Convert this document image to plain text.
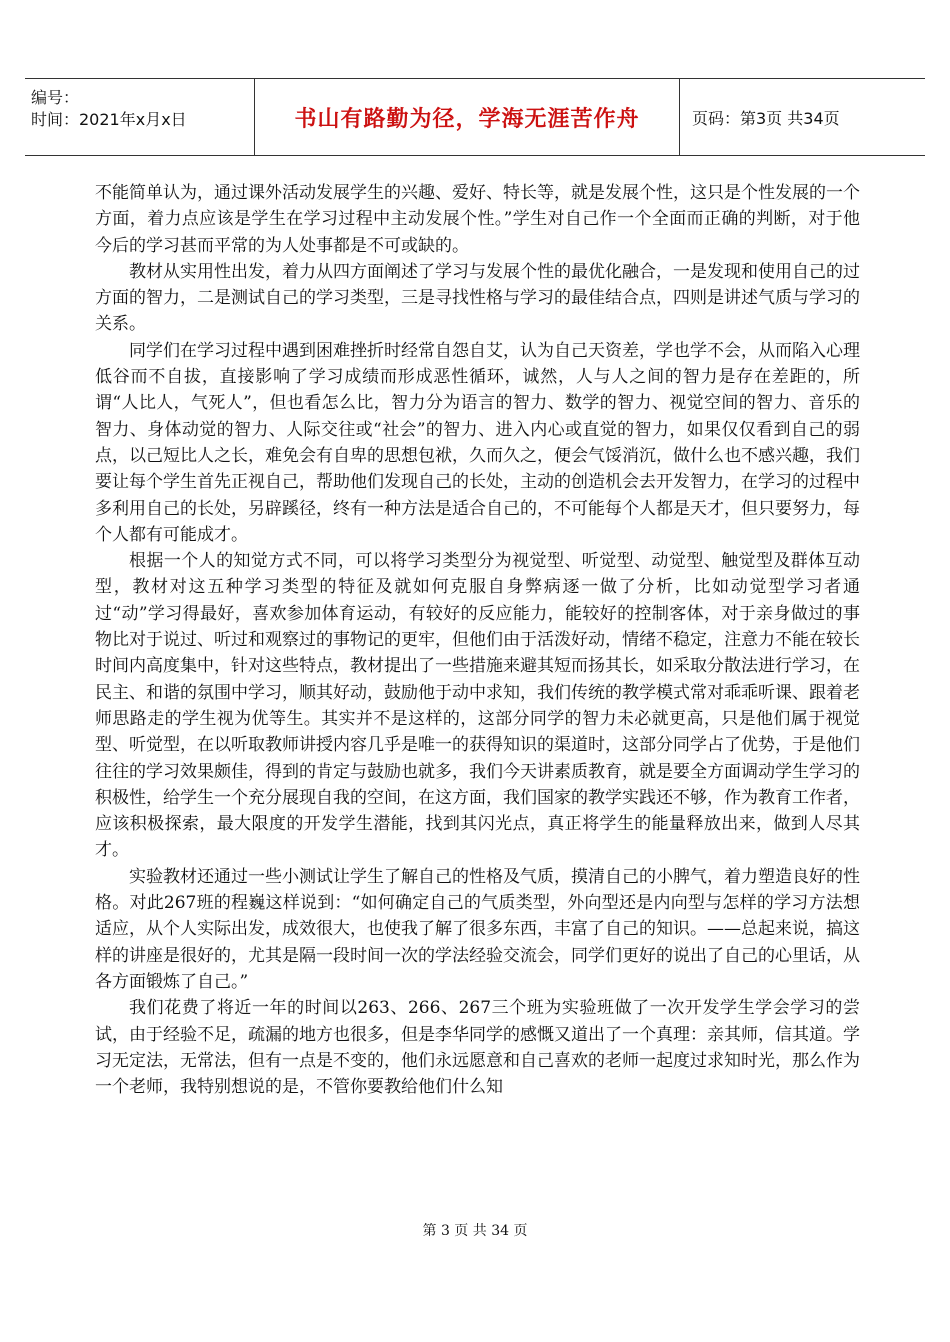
编号：
时间：2021年x月x日	书山有路勤为径，学海无涯苦作舟	页码：第3页 共34页

不能简单认为，通过课外活动发展学生的兴趣、爱好、特长等，就是发展个性，这只是个性发展的一个方面，着力点应该是学生在学习过程中主动发展个性。”学生对自己作一个全面而正确的判断，对于他今后的学习甚而平常的为人处事都是不可或缺的。

教材从实用性出发，着力从四方面阐述了学习与发展个性的最优化融合，一是发现和使用自己的过方面的智力，二是测试自己的学习类型，三是寻找性格与学习的最佳结合点，四则是讲述气质与学习的关系。

同学们在学习过程中遇到困难挫折时经常自怨自艾，认为自己天资差，学也学不会，从而陷入心理低谷而不自拔，直接影响了学习成绩而形成恶性循环，诚然，人与人之间的智力是存在差距的，所谓“人比人，气死人”，但也看怎么比，智力分为语言的智力、数学的智力、视觉空间的智力、音乐的智力、身体动觉的智力、人际交往或“社会”的智力、进入内心或直觉的智力，如果仅仅看到自己的弱点，以己短比人之长，难免会有自卑的思想包袱，久而久之，便会气馁消沉，做什么也不感兴趣，我们要让每个学生首先正视自己，帮助他们发现自己的长处，主动的创造机会去开发智力，在学习的过程中多利用自己的长处，另辟蹊径，终有一种方法是适合自己的，不可能每个人都是天才，但只要努力，每个人都有可能成才。

根据一个人的知觉方式不同，可以将学习类型分为视觉型、听觉型、动觉型、触觉型及群体互动型，教材对这五种学习类型的特征及就如何克服自身弊病逐一做了分析，比如动觉型学习者通过“动”学习得最好，喜欢参加体育运动，有较好的反应能力，能较好的控制客体，对于亲身做过的事物比对于说过、听过和观察过的事物记的更牢，但他们由于活泼好动，情绪不稳定，注意力不能在较长时间内高度集中，针对这些特点，教材提出了一些措施来避其短而扬其长，如采取分散法进行学习，在民主、和谐的氛围中学习，顺其好动，鼓励他于动中求知，我们传统的教学模式常对乖乖听课、跟着老师思路走的学生视为优等生。其实并不是这样的，这部分同学的智力未必就更高，只是他们属于视觉型、听觉型，在以听取教师讲授内容几乎是唯一的获得知识的渠道时，这部分同学占了优势，于是他们往往的学习效果颇佳，得到的肯定与鼓励也就多，我们今天讲素质教育，就是要全方面调动学生学习的积极性，给学生一个充分展现自我的空间，在这方面，我们国家的教学实践还不够，作为教育工作者，应该积极探索，最大限度的开发学生潜能，找到其闪光点，真正将学生的能量释放出来，做到人尽其才。

实验教材还通过一些小测试让学生了解自己的性格及气质，摸清自己的小脾气，着力塑造良好的性格。对此267班的程巍这样说到：“如何确定自己的气质类型，外向型还是内向型与怎样的学习方法想适应，从个人实际出发，成效很大，也使我了解了很多东西，丰富了自己的知识。——总起来说，搞这样的讲座是很好的，尤其是隔一段时间一次的学法经验交流会，同学们更好的说出了自己的心里话，从各方面锻炼了自己。”

我们花费了将近一年的时间以263、266、267三个班为实验班做了一次开发学生学会学习的尝试，由于经验不足，疏漏的地方也很多，但是李华同学的感慨又道出了一个真理：亲其师，信其道。学习无定法，无常法，但有一点是不变的，他们永远愿意和自己喜欢的老师一起度过求知时光，那么作为一个老师，我特别想说的是，不管你要教给他们什么知

第 3 页 共 34 页
